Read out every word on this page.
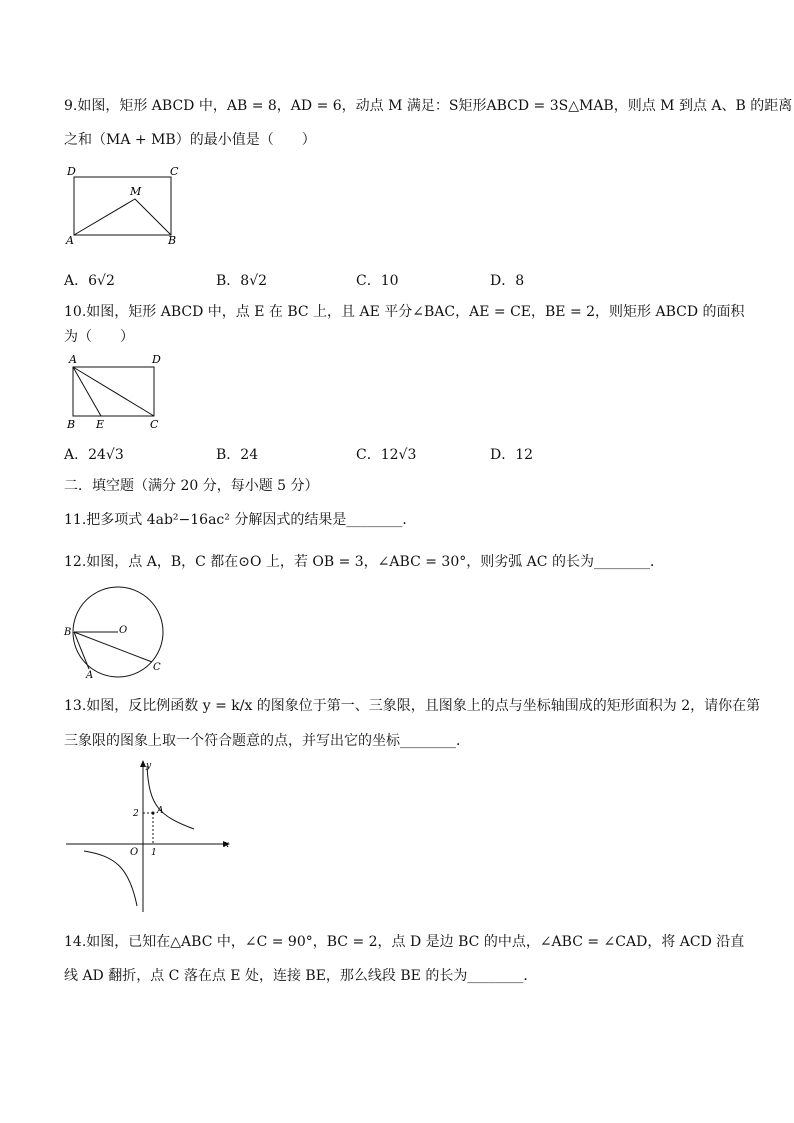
9.如图，矩形 ABCD 中，AB = 8，AD = 6，动点 M 满足：S矩形ABCD = 3S△MAB，则点 M 到点 A、B 的距离
之和（MA + MB）的最小值是（　　）
D	C
M
A	B
A．6√2	B．8√2	C．10	D．8
10.如图，矩形 ABCD 中，点 E 在 BC 上，且 AE 平分∠BAC，AE = CE，BE = 2，则矩形 ABCD 的面积
为（　　）
A	D
B E	C
A．24√3	B．24	C．12√3	D．12
二．填空题（满分 20 分，每小题 5 分）
11.把多项式 4ab²−16ac² 分解因式的结果是________．
12.如图，点 A，B，C 都在⊙O 上，若 OB = 3，∠ABC = 30°，则劣弧 AC 的长为________．
B	O
A
C
13.如图，反比例函数 y = k/x 的图象位于第一、三象限，且图象上的点与坐标轴围成的矩形面积为 2，请你在第
三象限的图象上取一个符合题意的点，并写出它的坐标________．
y
x
O
A
2
1
14.如图，已知在△ABC 中，∠C = 90°，BC = 2，点 D 是边 BC 的中点，∠ABC = ∠CAD，将 ACD 沿直
线 AD 翻折，点 C 落在点 E 处，连接 BE，那么线段 BE 的长为________．
